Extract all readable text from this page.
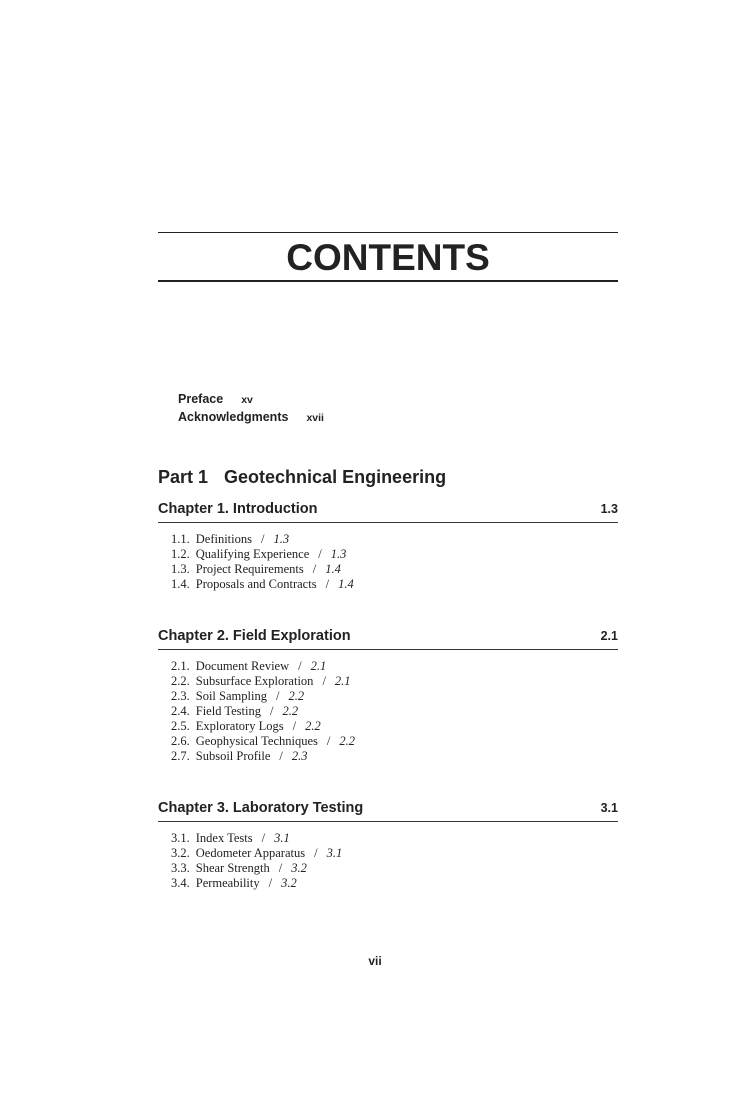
CONTENTS
Preface xv
Acknowledgments xvii
Part 1 Geotechnical Engineering
Chapter 1. Introduction	1.3
1.1. Definitions / 1.3
1.2. Qualifying Experience / 1.3
1.3. Project Requirements / 1.4
1.4. Proposals and Contracts / 1.4
Chapter 2. Field Exploration	2.1
2.1. Document Review / 2.1
2.2. Subsurface Exploration / 2.1
2.3. Soil Sampling / 2.2
2.4. Field Testing / 2.2
2.5. Exploratory Logs / 2.2
2.6. Geophysical Techniques / 2.2
2.7. Subsoil Profile / 2.3
Chapter 3. Laboratory Testing	3.1
3.1. Index Tests / 3.1
3.2. Oedometer Apparatus / 3.1
3.3. Shear Strength / 3.2
3.4. Permeability / 3.2
vii
